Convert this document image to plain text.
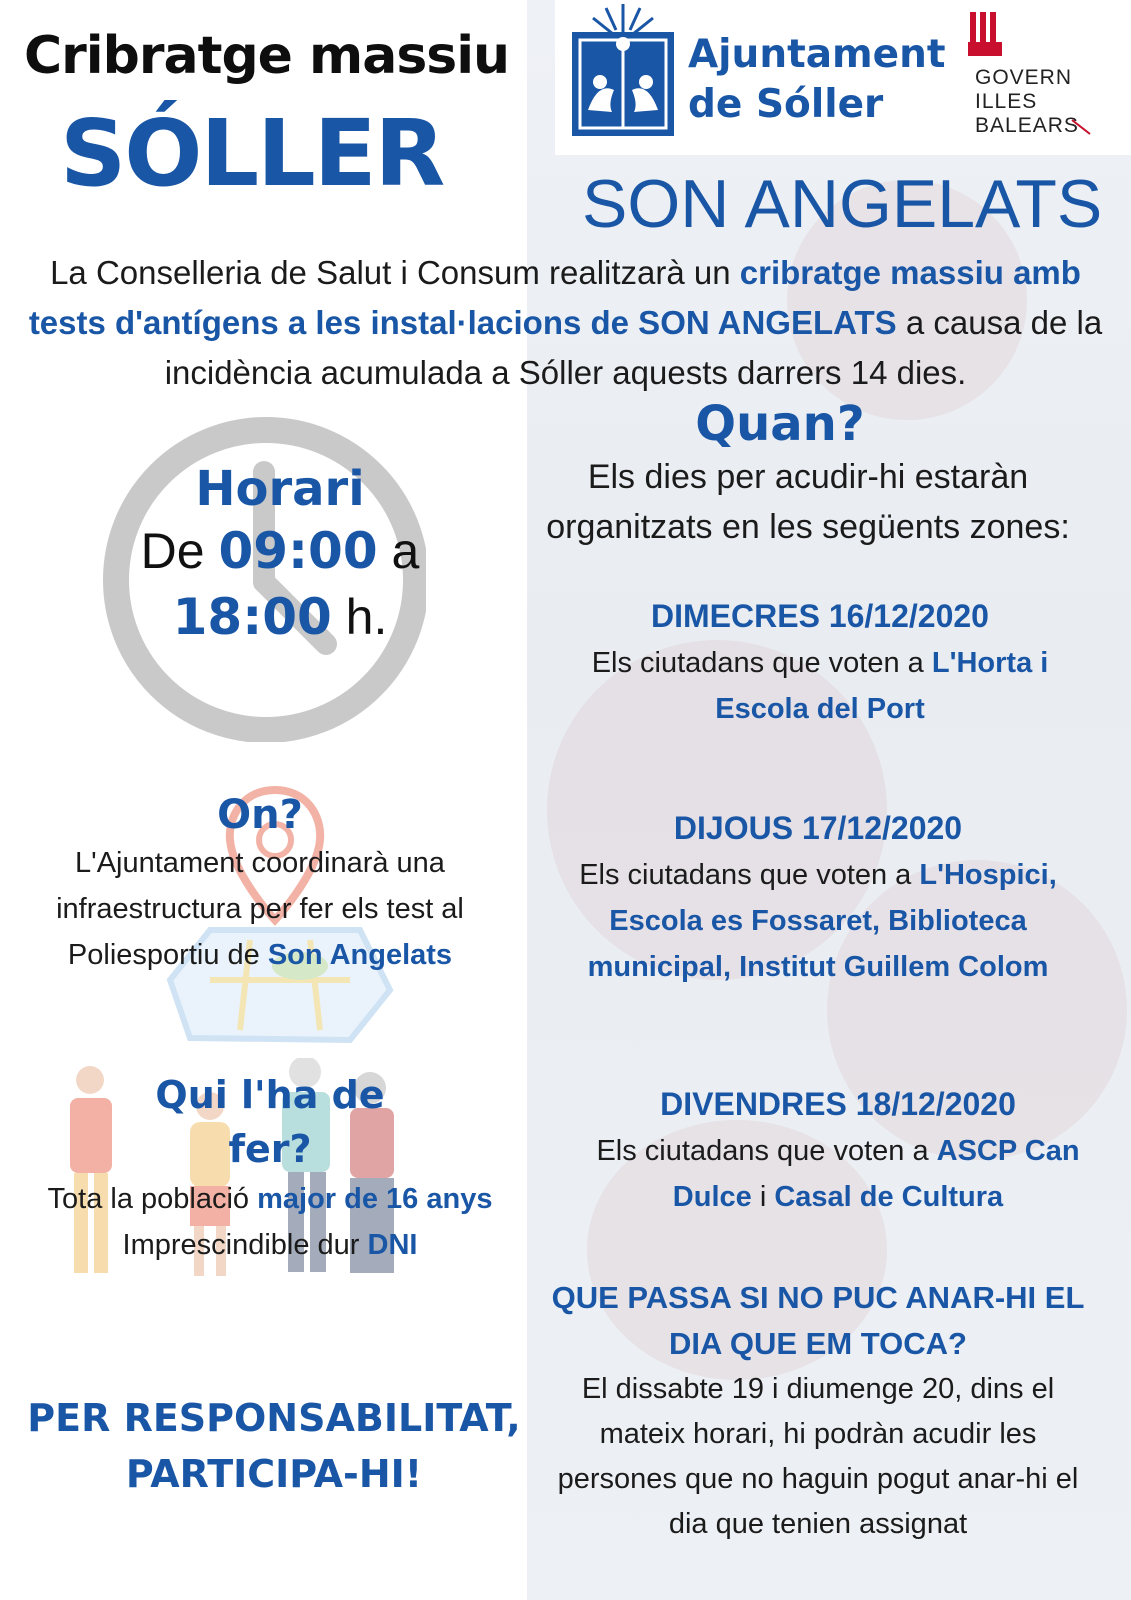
Ajuntament
de Sóller
GOVERN
ILLES
BALEARS
Cribratge massiu
SÓLLER SON ANGELATS
La Conselleria de Salut i Consum realitzarà un cribratge massiu amb tests d'antígens a les instal·lacions de SON ANGELATS a causa de la incidència acumulada a Sóller aquests darrers 14 dies.
Horari
De 09:00 a
18:00 h.
Quan?
Els dies per acudir-hi estaràn organitzats en les següents zones:
DIMECRES 16/12/2020
Els ciutadans que voten a L'Horta i Escola del Port
DIJOUS 17/12/2020
Els ciutadans que voten a L'Hospici, Escola es Fossaret, Biblioteca municipal, Institut Guillem Colom
DIVENDRES 18/12/2020
Els ciutadans que voten a ASCP Can Dulce i Casal de Cultura
On?
L'Ajuntament coordinarà una infraestructura per fer els test al Poliesportiu de Son Angelats
Qui l'ha de fer?
Tota la població major de 16 anys
Imprescindible dur DNI
PER RESPONSABILITAT,
PARTICIPA-HI!
QUE PASSA SI NO PUC ANAR-HI EL DIA QUE EM TOCA?
El dissabte 19 i diumenge 20, dins el mateix horari, hi podràn acudir les persones que no haguin pogut anar-hi el dia que tenien assignat
